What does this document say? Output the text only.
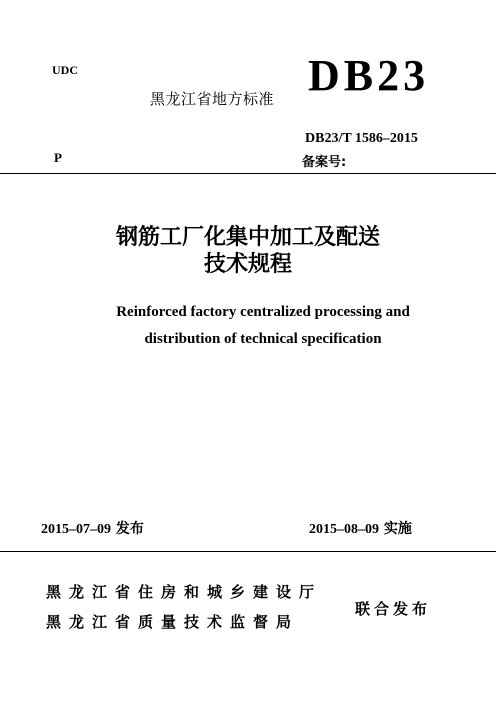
UDC
黑龙江省地方标准 DB23
DB23/T 1586–2015
P	备案号:
钢筋工厂化集中加工及配送
技术规程
Reinforced factory centralized processing and
distribution of technical specification
2015–07–09 发布	2015–08–09 实施
黑龙江省住房和城乡建设厅
黑龙江省质量技术监督局
联合发布
